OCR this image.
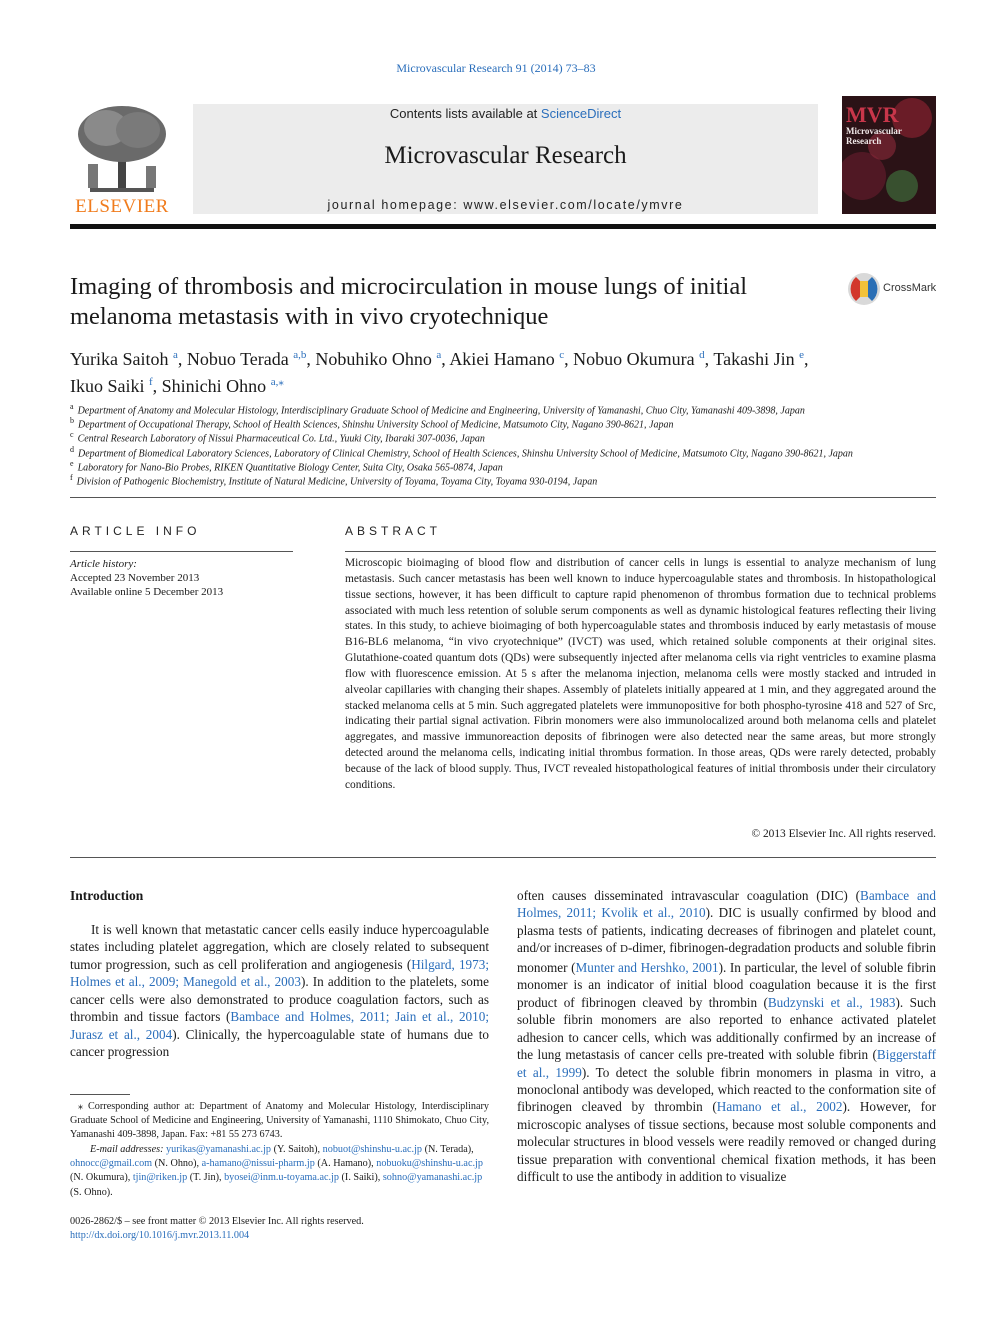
Microvascular Research 91 (2014) 73–83
ELSEVIER
Contents lists available at ScienceDirect
Microvascular Research
journal homepage: www.elsevier.com/locate/ymvre
MVR
Microvascular
Research
Imaging of thrombosis and microcirculation in mouse lungs of initial melanoma metastasis with in vivo cryotechnique
CrossMark
Yurika Saitoh $^a$, Nobuo Terada $^{a,b}$, Nobuhiko Ohno $^a$, Akiei Hamano $^c$, Nobuo Okumura $^d$, Takashi Jin $^e$,
Ikuo Saiki $^f$, Shinichi Ohno $^{a,⁎}$
$^a$ Department of Anatomy and Molecular Histology, Interdisciplinary Graduate School of Medicine and Engineering, University of Yamanashi, Chuo City, Yamanashi 409-3898, Japan
$^b$ Department of Occupational Therapy, School of Health Sciences, Shinshu University School of Medicine, Matsumoto City, Nagano 390-8621, Japan
$^c$ Central Research Laboratory of Nissui Pharmaceutical Co. Ltd., Yuuki City, Ibaraki 307-0036, Japan
$^d$ Department of Biomedical Laboratory Sciences, Laboratory of Clinical Chemistry, School of Health Sciences, Shinshu University School of Medicine, Matsumoto City, Nagano 390-8621, Japan
$^e$ Laboratory for Nano-Bio Probes, RIKEN Quantitative Biology Center, Suita City, Osaka 565-0874, Japan
$^f$ Division of Pathogenic Biochemistry, Institute of Natural Medicine, University of Toyama, Toyama City, Toyama 930-0194, Japan
ARTICLE INFO
Article history:
Accepted 23 November 2013
Available online 5 December 2013
ABSTRACT
Microscopic bioimaging of blood flow and distribution of cancer cells in lungs is essential to analyze mechanism of lung metastasis. Such cancer metastasis has been well known to induce hypercoagulable states and thrombosis. In histopathological tissue sections, however, it has been difficult to capture rapid phenomenon of thrombus formation due to technical problems associated with much less retention of soluble serum components as well as dynamic histological features reflecting their living states. In this study, to achieve bioimaging of both hypercoagulable states and thrombosis induced by early metastasis of mouse B16-BL6 melanoma, “in vivo cryotechnique” (IVCT) was used, which retained soluble components at their original sites. Glutathione-coated quantum dots (QDs) were subsequently injected after melanoma cells via right ventricles to examine plasma flow with fluorescence emission. At 5 s after the melanoma injection, melanoma cells were mostly stacked and intruded in alveolar capillaries with changing their shapes. Assembly of platelets initially appeared at 1 min, and they aggregated around the stacked melanoma cells at 5 min. Such aggregated platelets were immunopositive for both phospho-tyrosine 418 and 527 of Src, indicating their partial signal activation. Fibrin monomers were also immunolocalized around both melanoma cells and platelet aggregates, and massive immunoreaction deposits of fibrinogen were also detected near the same areas, but more strongly detected around the melanoma cells, indicating initial thrombus formation. In those areas, QDs were rarely detected, probably because of the lack of blood supply. Thus, IVCT revealed histopathological features of initial thrombosis under their circulatory conditions.
© 2013 Elsevier Inc. All rights reserved.
Introduction
It is well known that metastatic cancer cells easily induce hypercoagulable states including platelet aggregation, which are closely related to subsequent tumor progression, such as cell proliferation and angiogenesis (Hilgard, 1973; Holmes et al., 2009; Manegold et al., 2003). In addition to the platelets, some cancer cells were also demonstrated to produce coagulation factors, such as thrombin and tissue factors (Bambace and Holmes, 2011; Jain et al., 2010; Jurasz et al., 2004). Clinically, the hypercoagulable state of humans due to cancer progression
often causes disseminated intravascular coagulation (DIC) (Bambace and Holmes, 2011; Kvolik et al., 2010). DIC is usually confirmed by blood and plasma tests of patients, indicating decreases of fibrinogen and platelet count, and/or increases of D-dimer, fibrinogen-degradation products and soluble fibrin monomer (Munter and Hershko, 2001). In particular, the level of soluble fibrin monomer is an indicator of initial blood coagulation because it is the first product of fibrinogen cleaved by thrombin (Budzynski et al., 1983). Such soluble fibrin monomers are also reported to enhance activated platelet adhesion to cancer cells, which was additionally confirmed by an increase of the lung metastasis of cancer cells pre-treated with soluble fibrin (Biggerstaff et al., 1999). To detect the soluble fibrin monomers in plasma in vitro, a monoclonal antibody was developed, which reacted to the conformation site of fibrinogen cleaved by thrombin (Hamano et al., 2002). However, for microscopic analyses of tissue sections, because most soluble components and molecular structures in blood vessels were readily removed or changed during tissue preparation with conventional chemical fixation methods, it has been difficult to use the antibody in addition to visualize
⁎ Corresponding author at: Department of Anatomy and Molecular Histology, Interdisciplinary Graduate School of Medicine and Engineering, University of Yamanashi, 1110 Shimokato, Chuo City, Yamanashi 409-3898, Japan. Fax: +81 55 273 6743.
E-mail addresses: yurikas@yamanashi.ac.jp (Y. Saitoh), nobuot@shinshu-u.ac.jp (N. Terada), ohnocc@gmail.com (N. Ohno), a-hamano@nissui-pharm.jp (A. Hamano), nobuoku@shinshu-u.ac.jp (N. Okumura), tjin@riken.jp (T. Jin), byosei@inm.u-toyama.ac.jp (I. Saiki), sohno@yamanashi.ac.jp (S. Ohno).
0026-2862/$ – see front matter © 2013 Elsevier Inc. All rights reserved.
http://dx.doi.org/10.1016/j.mvr.2013.11.004
